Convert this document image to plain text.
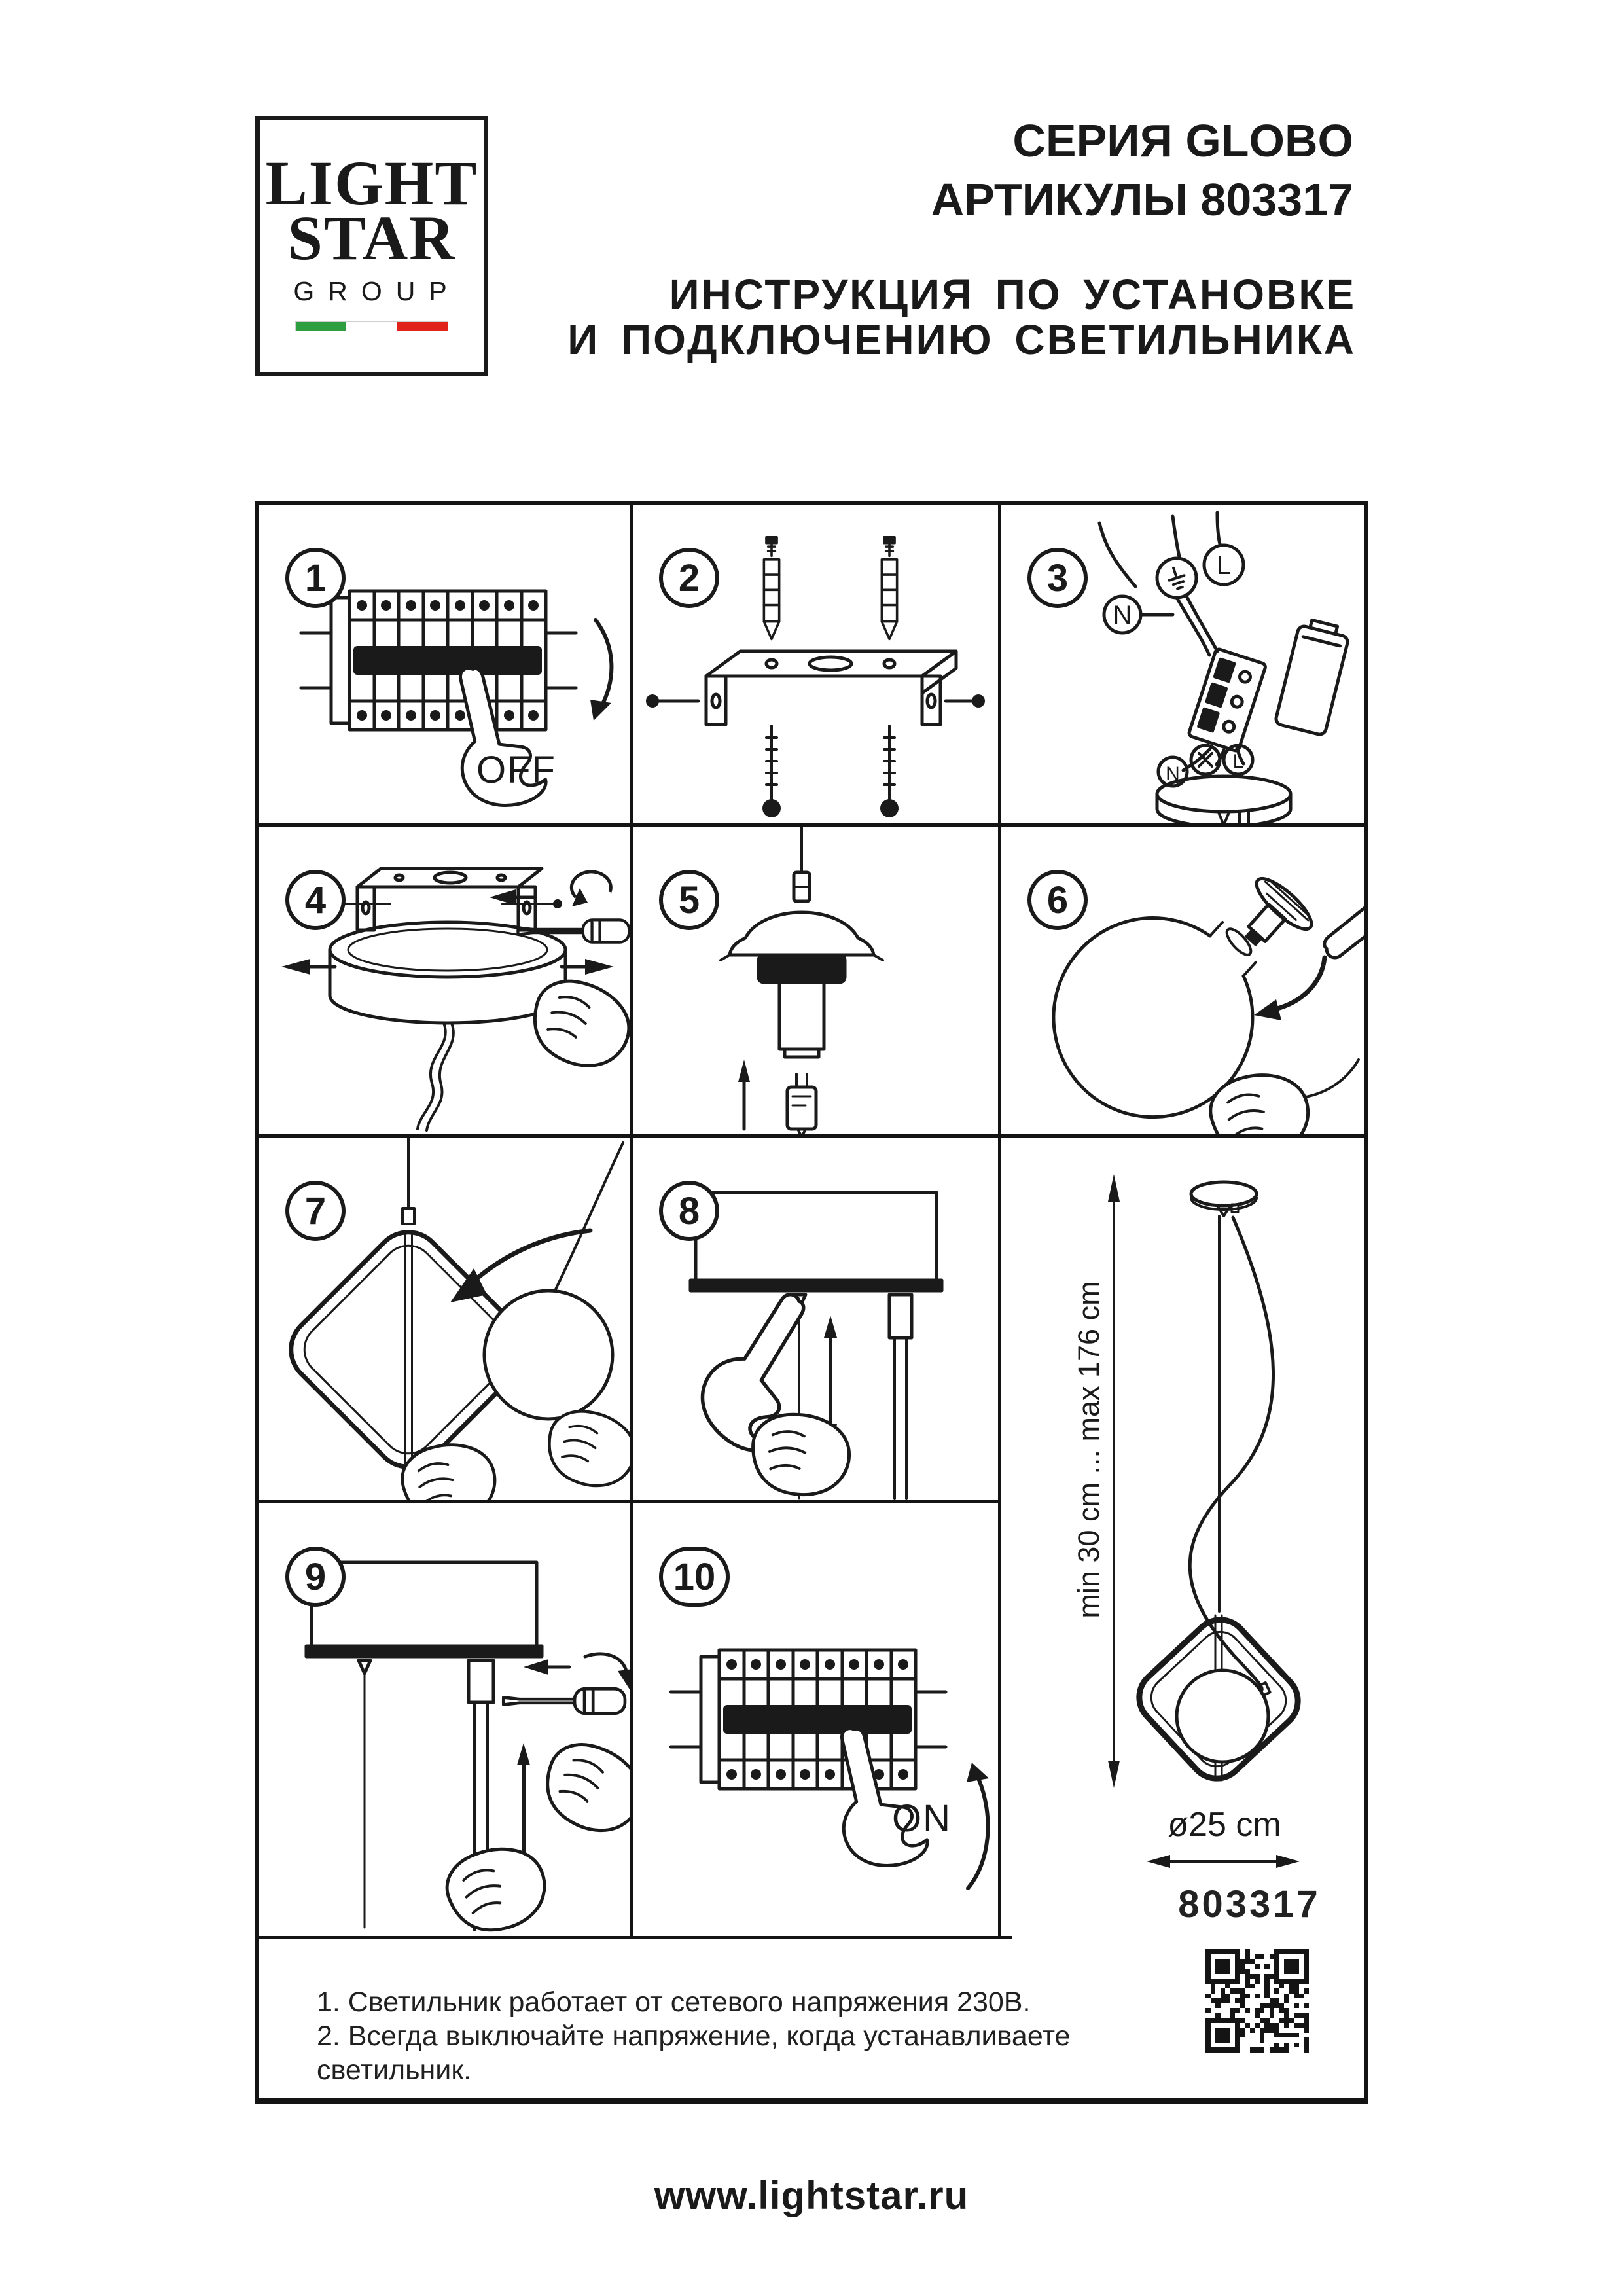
LIGHT
STAR
GROUP
СЕРИЯ GLOBO
АРТИКУЛЫ 803317
ИНСТРУКЦИЯ ПО УСТАНОВКЕ
И ПОДКЛЮЧЕНИЮ СВЕТИЛЬНИКА
1
OFF
2	L
N
N
L
3
4	5	6
7	8
min 30 cm ... max 176 cm
ø25 cm
803317
9	10
ON
1. Светильник работает от сетевого напряжения 230В.
2. Всегда выключайте напряжение, когда устанавливаете светильник.
www.lightstar.ru
